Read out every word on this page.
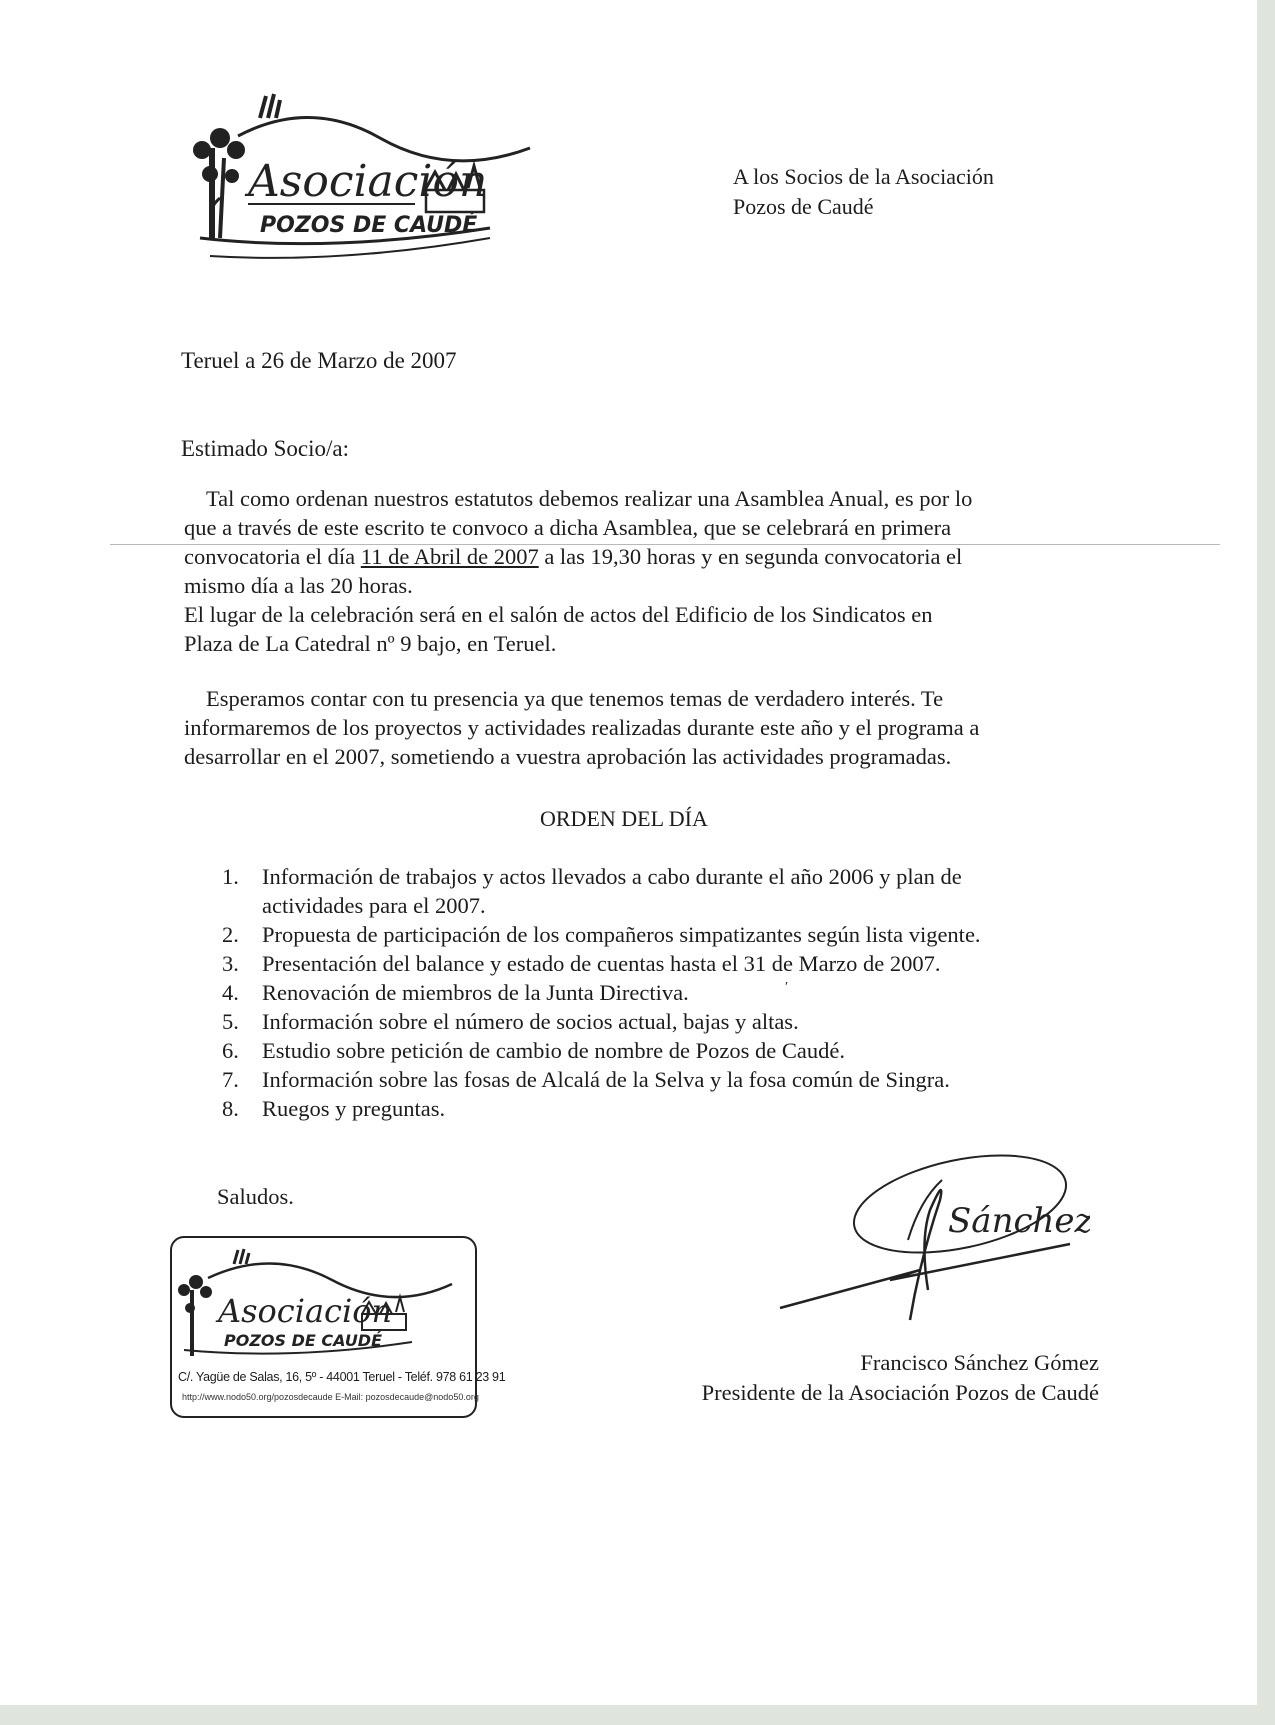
Asociación
POZOS DE CAUDÉ
A los Socios de la Asociación
Pozos de Caudé
Teruel a 26 de Marzo de 2007
Estimado Socio/a:
Tal como ordenan nuestros estatutos debemos realizar una Asamblea Anual, es por lo
que a través de este escrito te convoco a dicha Asamblea, que se celebrará en primera
convocatoria el día 11 de Abril de 2007 a las 19,30 horas y en segunda convocatoria el
mismo día a las 20 horas.
El lugar de la celebración será en el salón de actos del Edificio de los Sindicatos en
Plaza de La Catedral nº 9 bajo, en Teruel.
Esperamos contar con tu presencia ya que tenemos temas de verdadero interés. Te
informaremos de los proyectos y actividades realizadas durante este año y el programa a
desarrollar en el 2007, sometiendo a vuestra aprobación las actividades programadas.
ORDEN DEL DÍA
1.	Información de trabajos y actos llevados a cabo durante el año 2006 y plan de
actividades para el 2007.
2.	Propuesta de participación de los compañeros simpatizantes según lista vigente.
3.	Presentación del balance y estado de cuentas hasta el 31 de Marzo de 2007.
4.	Renovación de miembros de la Junta Directiva.
5.	Información sobre el número de socios actual, bajas y altas.
6.	Estudio sobre petición de cambio de nombre de Pozos de Caudé.
7.	Información sobre las fosas de Alcalá de la Selva y la fosa común de Singra.
8.	Ruegos y preguntas.
′
Saludos.
Asociación
POZOS DE CAUDÉ
C/. Yagüe de Salas, 16, 5º - 44001 Teruel - Teléf. 978 61 23 91
http://www.nodo50.org/pozosdecaude E-Mail: pozosdecaude@nodo50.org
Sánchez
Francisco Sánchez Gómez
Presidente de la Asociación Pozos de Caudé
